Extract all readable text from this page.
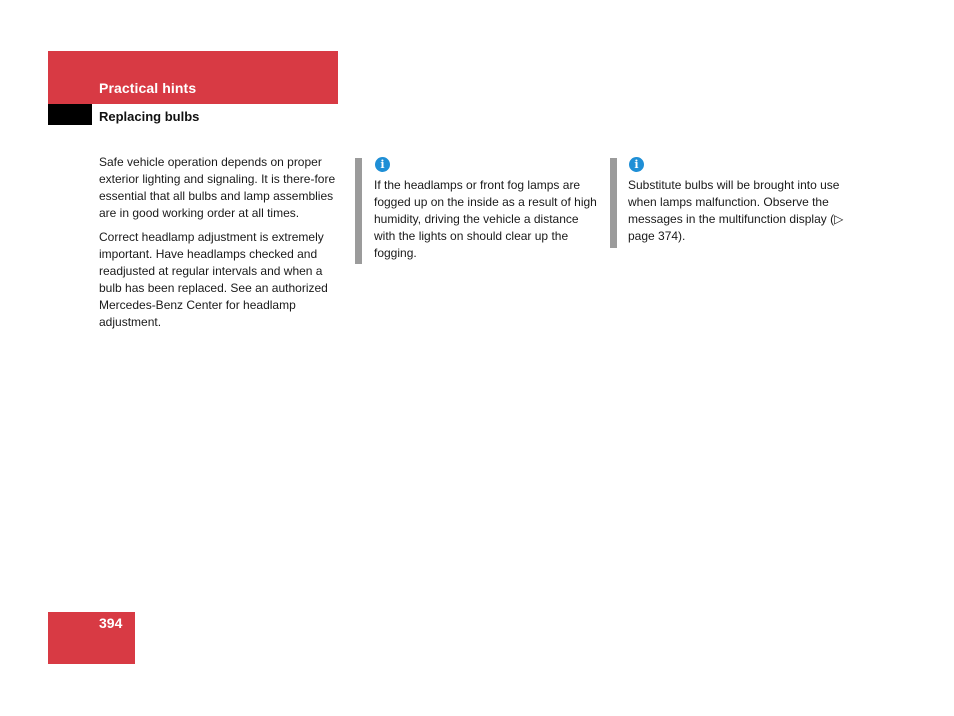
Practical hints
Replacing bulbs

Safe vehicle operation depends on proper exterior lighting and signaling. It is there-fore essential that all bulbs and lamp assemblies are in good working order at all times.

Correct headlamp adjustment is extremely important. Have headlamps checked and readjusted at regular intervals and when a bulb has been replaced. See an authorized Mercedes-Benz Center for headlamp adjustment.

i

If the headlamps or front fog lamps are fogged up on the inside as a result of high humidity, driving the vehicle a distance with the lights on should clear up the fogging.

i

Substitute bulbs will be brought into use when lamps malfunction. Observe the messages in the multifunction display (▷ page 374).

394
